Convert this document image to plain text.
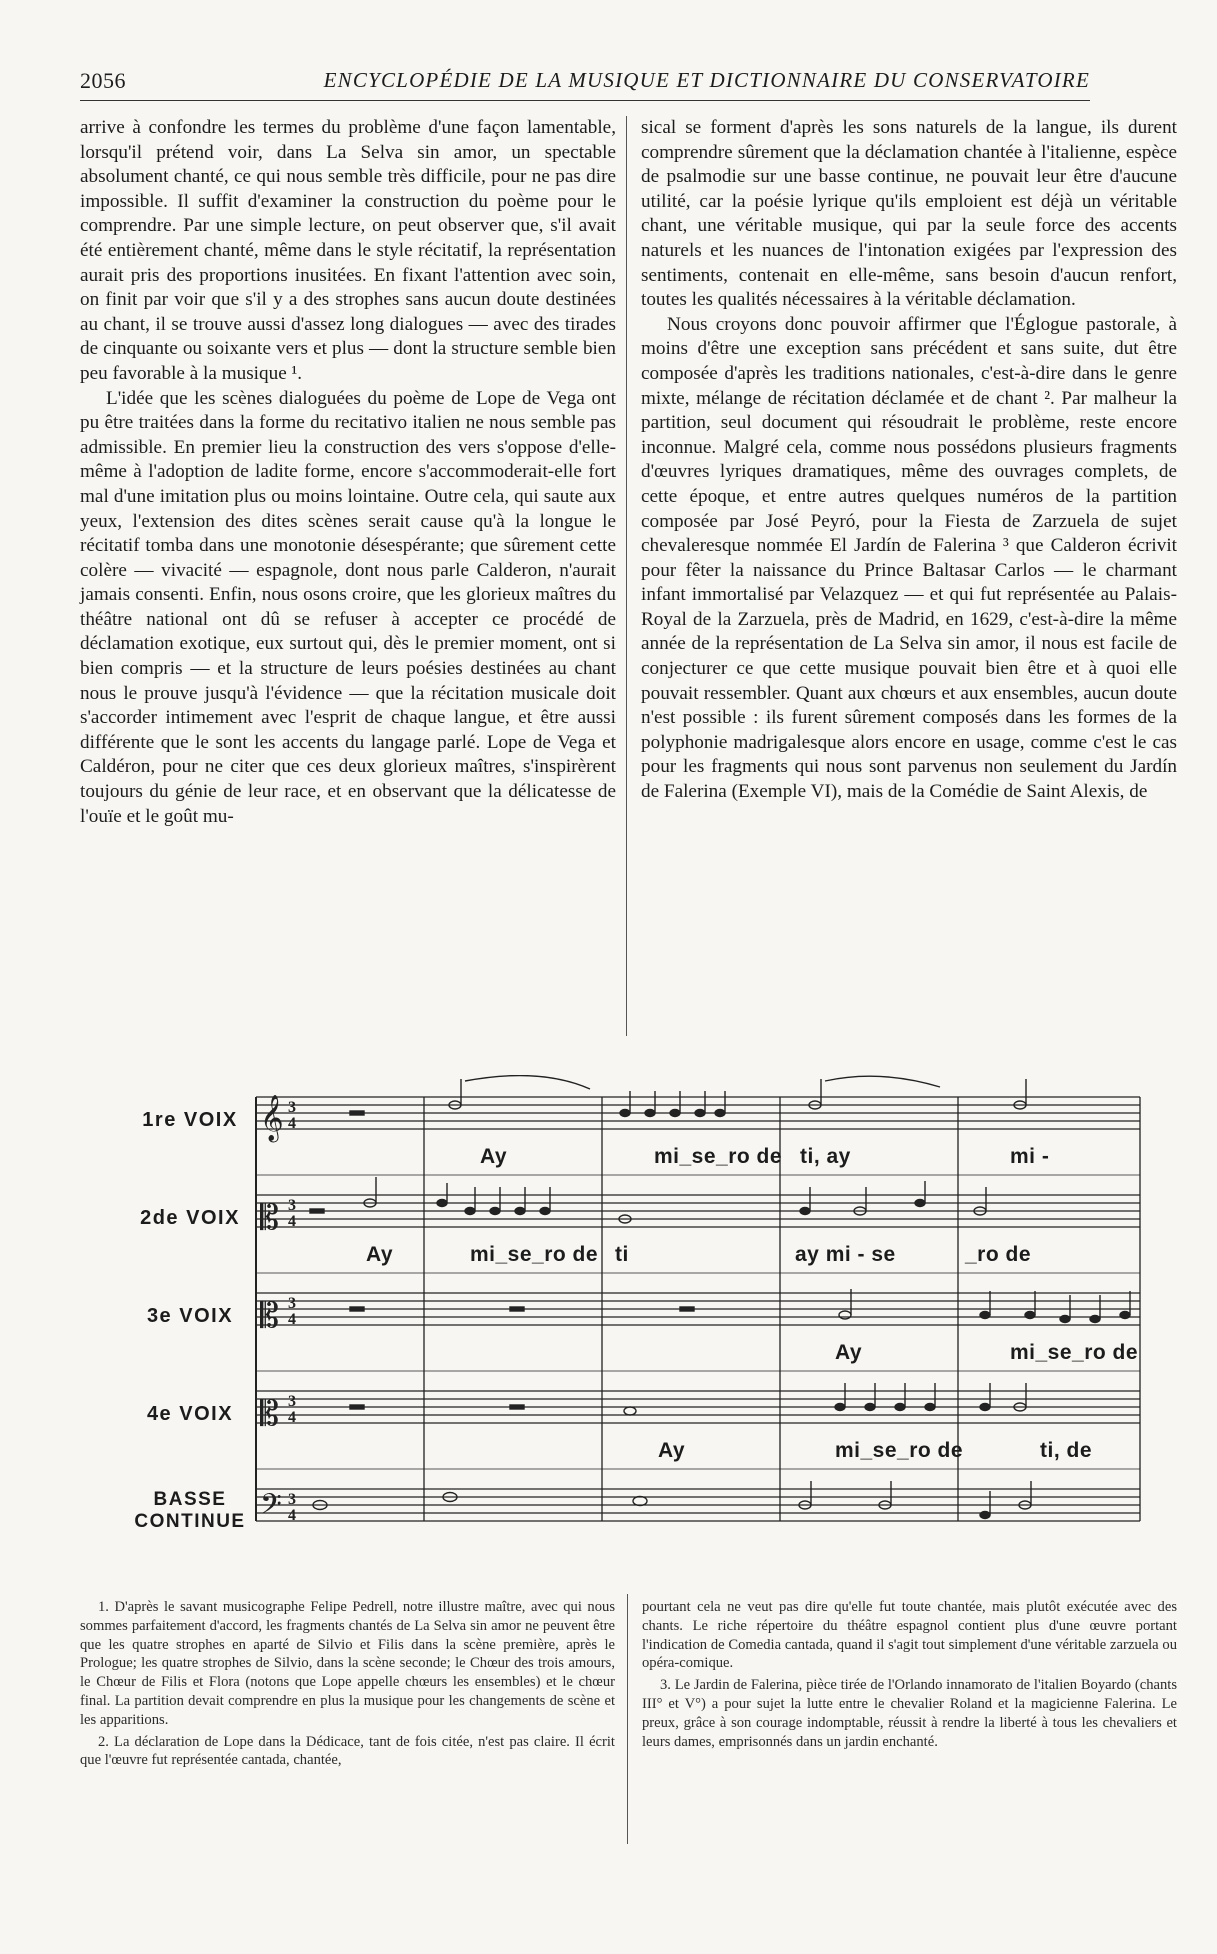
2056	ENCYCLOPÉDIE DE LA MUSIQUE ET DICTIONNAIRE DU CONSERVATOIRE

arrive à confondre les termes du problème d'une façon lamentable, lorsqu'il prétend voir, dans La Selva sin amor, un spectable absolument chanté, ce qui nous semble très difficile, pour ne pas dire impossible. Il suffit d'examiner la construction du poème pour le comprendre. Par une simple lecture, on peut observer que, s'il avait été entièrement chanté, même dans le style récitatif, la représentation aurait pris des proportions inusitées. En fixant l'attention avec soin, on finit par voir que s'il y a des strophes sans aucun doute destinées au chant, il se trouve aussi d'assez long dialogues — avec des tirades de cinquante ou soixante vers et plus — dont la structure semble bien peu favorable à la musique ¹.

L'idée que les scènes dialoguées du poème de Lope de Vega ont pu être traitées dans la forme du recitativo italien ne nous semble pas admissible. En premier lieu la construction des vers s'oppose d'elle-même à l'adoption de ladite forme, encore s'accommoderait-elle fort mal d'une imitation plus ou moins lointaine. Outre cela, qui saute aux yeux, l'extension des dites scènes serait cause qu'à la longue le récitatif tomba dans une monotonie désespérante; que sûrement cette colère — vivacité — espagnole, dont nous parle Calderon, n'aurait jamais consenti. Enfin, nous osons croire, que les glorieux maîtres du théâtre national ont dû se refuser à accepter ce procédé de déclamation exotique, eux surtout qui, dès le premier moment, ont si bien compris — et la structure de leurs poésies destinées au chant nous le prouve jusqu'à l'évidence — que la récitation musicale doit s'accorder intimement avec l'esprit de chaque langue, et être aussi différente que le sont les accents du langage parlé. Lope de Vega et Caldéron, pour ne citer que ces deux glorieux maîtres, s'inspirèrent toujours du génie de leur race, et en observant que la délicatesse de l'ouïe et le goût mu-

sical se forment d'après les sons naturels de la langue, ils durent comprendre sûrement que la déclamation chantée à l'italienne, espèce de psalmodie sur une basse continue, ne pouvait leur être d'aucune utilité, car la poésie lyrique qu'ils emploient est déjà un véritable chant, une véritable musique, qui par la seule force des accents naturels et les nuances de l'intonation exigées par l'expression des sentiments, contenait en elle-même, sans besoin d'aucun renfort, toutes les qualités nécessaires à la véritable déclamation.

Nous croyons donc pouvoir affirmer que l'Églogue pastorale, à moins d'être une exception sans précédent et sans suite, dut être composée d'après les traditions nationales, c'est-à-dire dans le genre mixte, mélange de récitation déclamée et de chant ². Par malheur la partition, seul document qui résoudrait le problème, reste encore inconnue. Malgré cela, comme nous possédons plusieurs fragments d'œuvres lyriques dramatiques, même des ouvrages complets, de cette époque, et entre autres quelques numéros de la partition composée par José Peyró, pour la Fiesta de Zarzuela de sujet chevaleresque nommée El Jardín de Falerina ³ que Calderon écrivit pour fêter la naissance du Prince Baltasar Carlos — le charmant infant immortalisé par Velazquez — et qui fut représentée au Palais-Royal de la Zarzuela, près de Madrid, en 1629, c'est-à-dire la même année de la représentation de La Selva sin amor, il nous est facile de conjecturer ce que cette musique pouvait bien être et à quoi elle pouvait ressembler. Quant aux chœurs et aux ensembles, aucun doute n'est possible : ils furent sûrement composés dans les formes de la polyphonie madrigalesque alors encore en usage, comme c'est le cas pour les fragments qui nous sont parvenus non seulement du Jardín de Falerina (Exemple VI), mais de la Comédie de Saint Alexis, de

𝄞
𝄡
𝄡
𝄡
𝄢
3
4
3
4
3
4
3
4
3
4
1re VOIX
2de VOIX
3e VOIX
4e VOIX
BASSE CONTINUE
Ay	mi_se_ro de ti, ay	mi -
Ay	mi_se_ro de ti	ay mi - se	_ro de
Ay	mi_se_ro de
Ay	mi_se_ro de	ti, de

1. D'après le savant musicographe Felipe Pedrell, notre illustre maître, avec qui nous sommes parfaitement d'accord, les fragments chantés de La Selva sin amor ne peuvent être que les quatre strophes en aparté de Silvio et Filis dans la scène première, après le Prologue; les quatre strophes de Silvio, dans la scène seconde; le Chœur des trois amours, le Chœur de Filis et Flora (notons que Lope appelle chœurs les ensembles) et le chœur final. La partition devait comprendre en plus la musique pour les changements de scène et les apparitions.

2. La déclaration de Lope dans la Dédicace, tant de fois citée, n'est pas claire. Il écrit que l'œuvre fut représentée cantada, chantée,

pourtant cela ne veut pas dire qu'elle fut toute chantée, mais plutôt exécutée avec des chants. Le riche répertoire du théâtre espagnol contient plus d'une œuvre portant l'indication de Comedia cantada, quand il s'agit tout simplement d'une véritable zarzuela ou opéra-comique.

3. Le Jardin de Falerina, pièce tirée de l'Orlando innamorato de l'italien Boyardo (chants III° et V°) a pour sujet la lutte entre le chevalier Roland et la magicienne Falerina. Le preux, grâce à son courage indomptable, réussit à rendre la liberté à tous les chevaliers et leurs dames, emprisonnés dans un jardin enchanté.
